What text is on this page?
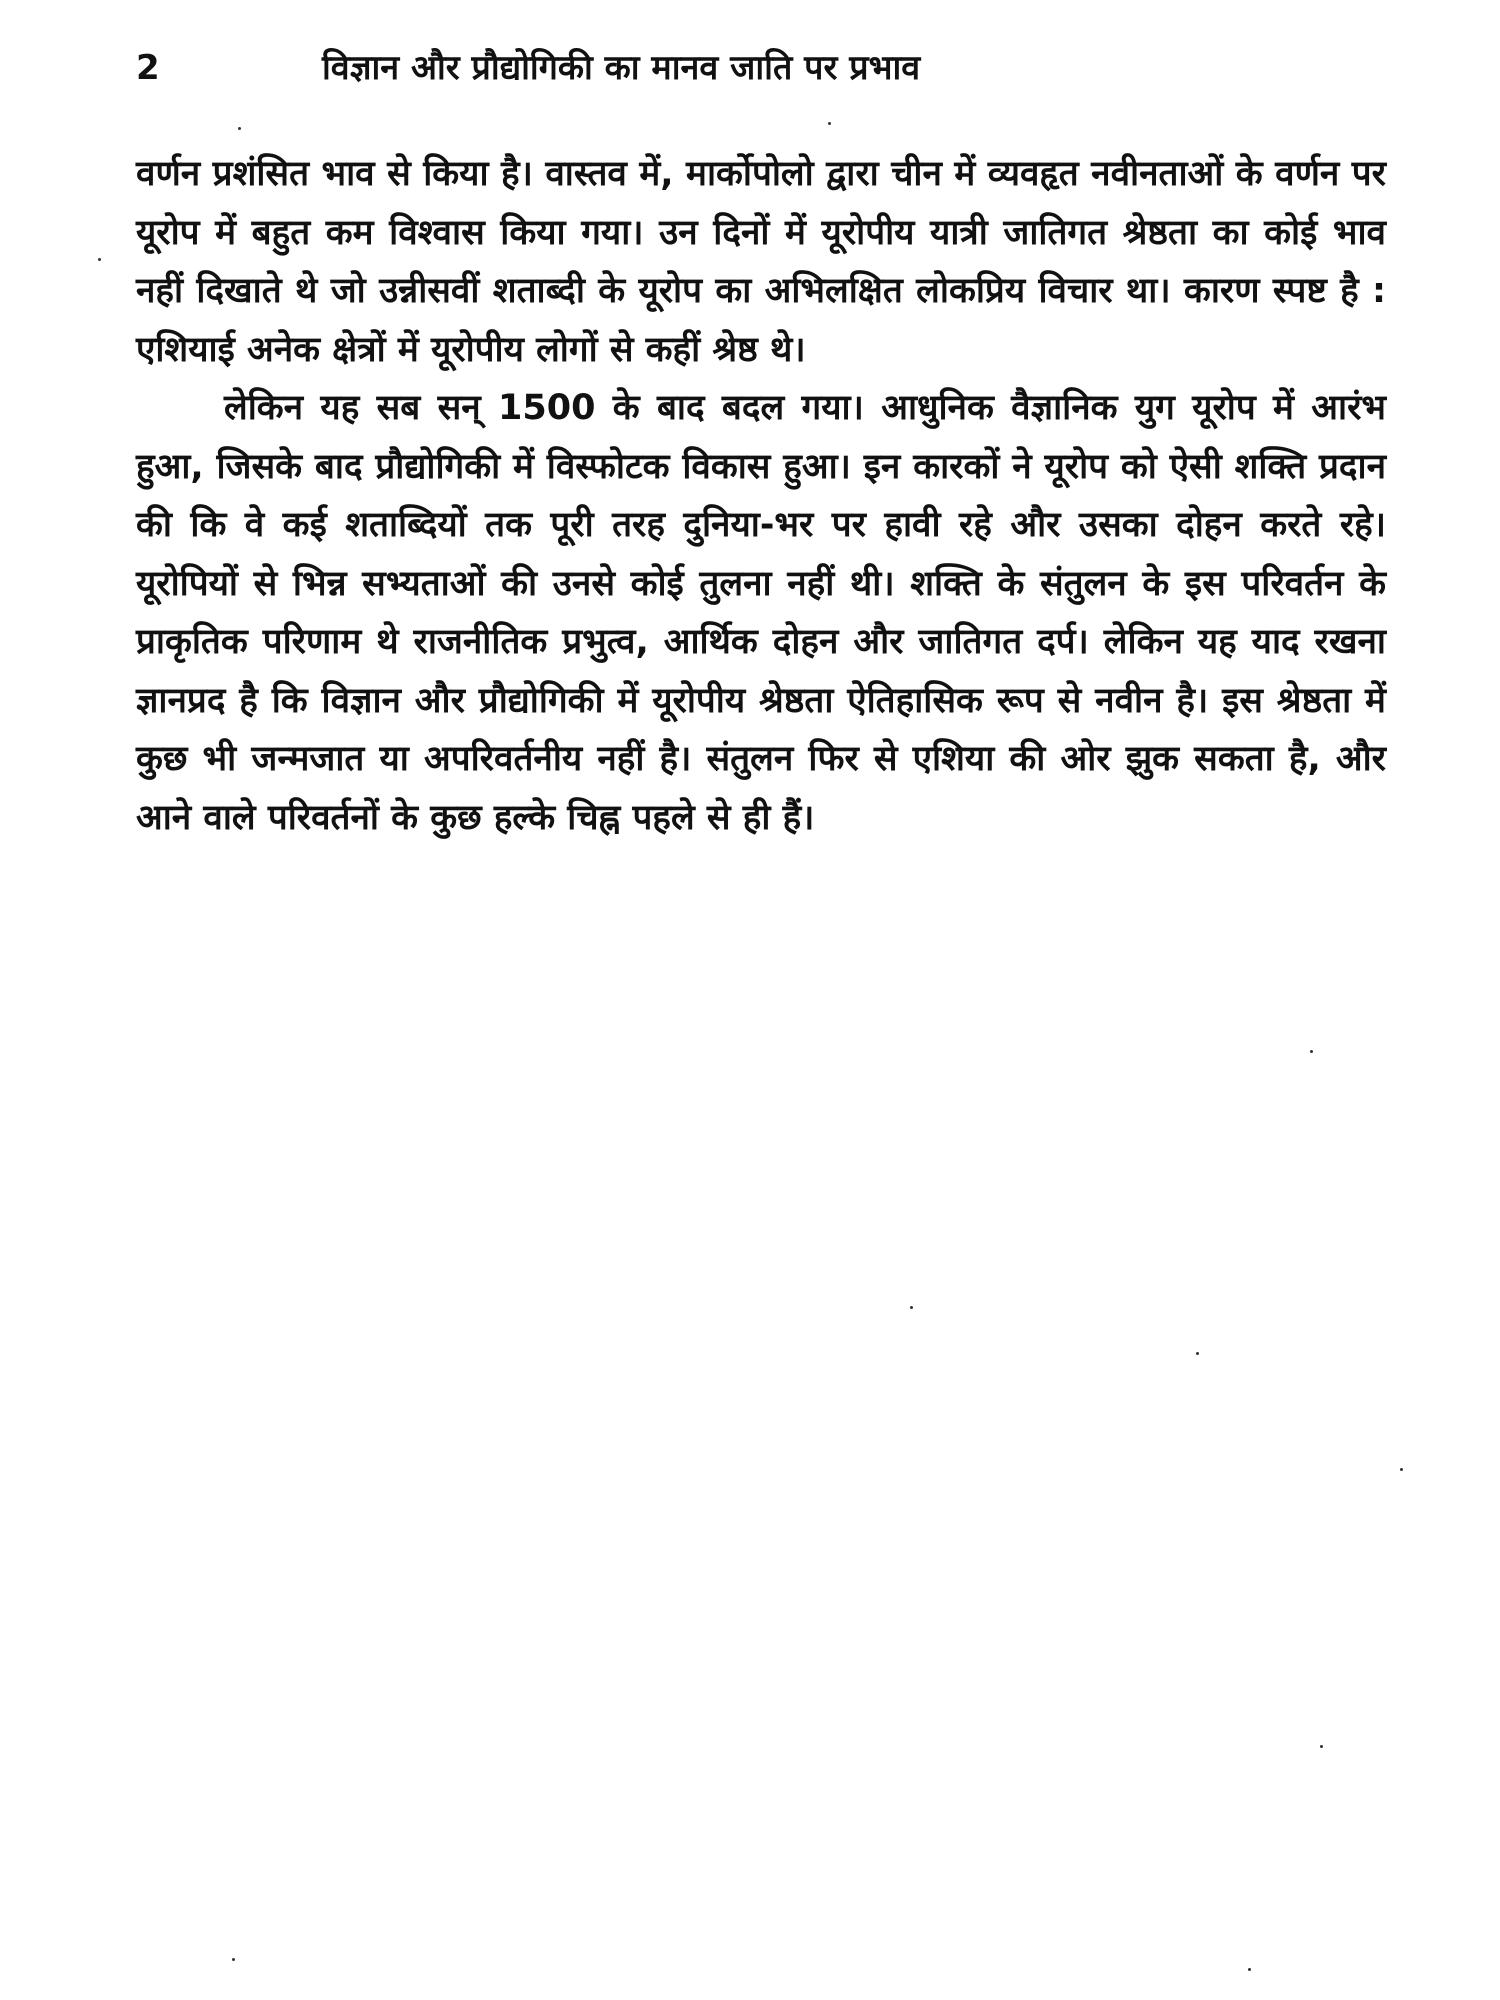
2	विज्ञान और प्रौद्योगिकी का मानव जाति पर प्रभाव

वर्णन प्रशंसित भाव से किया है। वास्तव में, मार्कोपोलो द्वारा चीन में व्यवहृत नवीनताओं के वर्णन पर यूरोप में बहुत कम विश्वास किया गया। उन दिनों में यूरोपीय यात्री जातिगत श्रेष्ठता का कोई भाव नहीं दिखाते थे जो उन्नीसवीं शताब्दी के यूरोप का अभिलक्षित लोकप्रिय विचार था। कारण स्पष्ट है : एशियाई अनेक क्षेत्रों में यूरोपीय लोगों से कहीं श्रेष्ठ थे।

लेकिन यह सब सन् 1500 के बाद बदल गया। आधुनिक वैज्ञानिक युग यूरोप में आरंभ हुआ, जिसके बाद प्रौद्योगिकी में विस्फोटक विकास हुआ। इन कारकों ने यूरोप को ऐसी शक्ति प्रदान की कि वे कई शताब्दियों तक पूरी तरह दुनिया-भर पर हावी रहे और उसका दोहन करते रहे। यूरोपियों से भिन्न सभ्यताओं की उनसे कोई तुलना नहीं थी। शक्ति के संतुलन के इस परिवर्तन के प्राकृतिक परिणाम थे राजनीतिक प्रभुत्व, आर्थिक दोहन और जातिगत दर्प। लेकिन यह याद रखना ज्ञानप्रद है कि विज्ञान और प्रौद्योगिकी में यूरोपीय श्रेष्ठता ऐतिहासिक रूप से नवीन है। इस श्रेष्ठता में कुछ भी जन्मजात या अपरिवर्तनीय नहीं है। संतुलन फिर से एशिया की ओर झुक सकता है, और आने वाले परिवर्तनों के कुछ हल्के चिह्न पहले से ही हैं।
